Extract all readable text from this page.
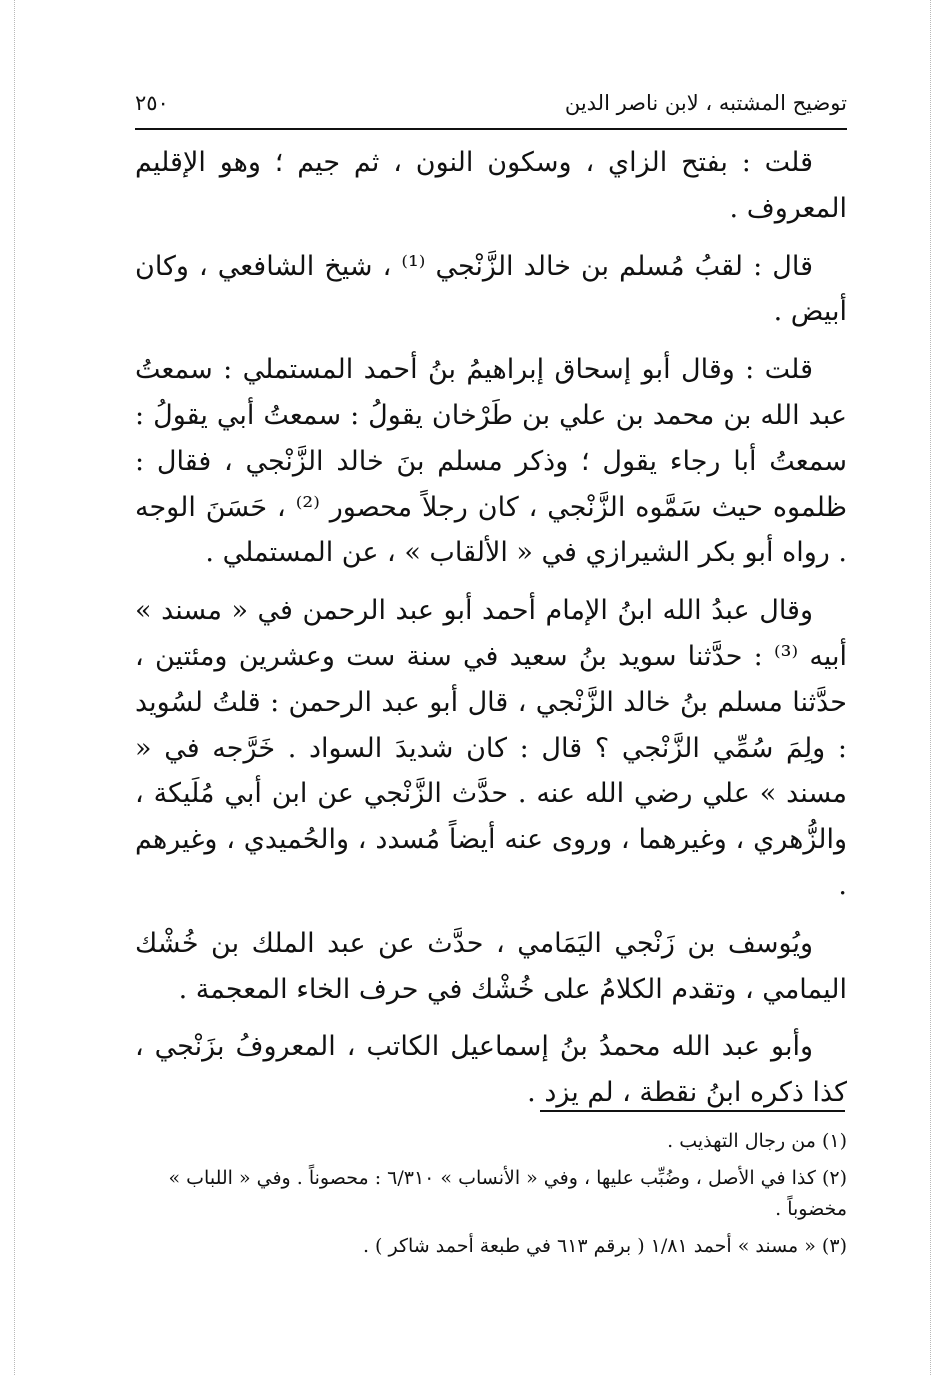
توضيح المشتبه ، لابن ناصر الدين
٢٥٠

قلت : بفتح الزاي ، وسكون النون ، ثم جيم ؛ وهو الإقليم المعروف .

قال : لقبُ مُسلم بن خالد الزَّنْجي ⁽¹⁾ ، شيخ الشافعي ، وكان أبيض .

قلت : وقال أبو إسحاق إبراهيمُ بنُ أحمد المستملي : سمعتُ عبد الله بن محمد بن علي بن طَرْخان يقولُ : سمعتُ أبي يقولُ : سمعتُ أبا رجاء يقول ؛ وذكر مسلم بنَ خالد الزَّنْجي ، فقال : ظلموه حيث سَمَّوه الزَّنْجي ، كان رجلاً محصور ⁽²⁾ ، حَسَنَ الوجه . رواه أبو بكر الشيرازي في « الألقاب » ، عن المستملي .

وقال عبدُ الله ابنُ الإمام أحمد أبو عبد الرحمن في « مسند » أبيه ⁽³⁾ : حدَّثنا سويد بنُ سعيد في سنة ست وعشرين ومئتين ، حدَّثنا مسلم بنُ خالد الزَّنْجي ، قال أبو عبد الرحمن : قلتُ لسُويد : ولِمَ سُمِّي الزَّنْجي ؟ قال : كان شديدَ السواد . خَرَّجه في « مسند » علي رضي الله عنه . حدَّث الزَّنْجي عن ابن أبي مُلَيكة ، والزُّهري ، وغيرهما ، وروى عنه أيضاً مُسدد ، والحُميدي ، وغيرهم .

ويُوسف بن زَنْجي اليَمَامي ، حدَّث عن عبد الملك بن خُشْك اليمامي ، وتقدم الكلامُ على خُشْك في حرف الخاء المعجمة .

وأبو عبد الله محمدُ بنُ إسماعيل الكاتب ، المعروفُ بزَنْجي ، كذا ذكره ابنُ نقطة ، لم يزد .

(١) من رجال التهذيب .

(٢) كذا في الأصل ، وضُبِّب عليها ، وفي « الأنساب » ٦/٣١٠ : محصوناً . وفي « اللباب » مخضوباً .

(٣) « مسند » أحمد ١/٨١ ( برقم ٦١٣ في طبعة أحمد شاكر ) .
